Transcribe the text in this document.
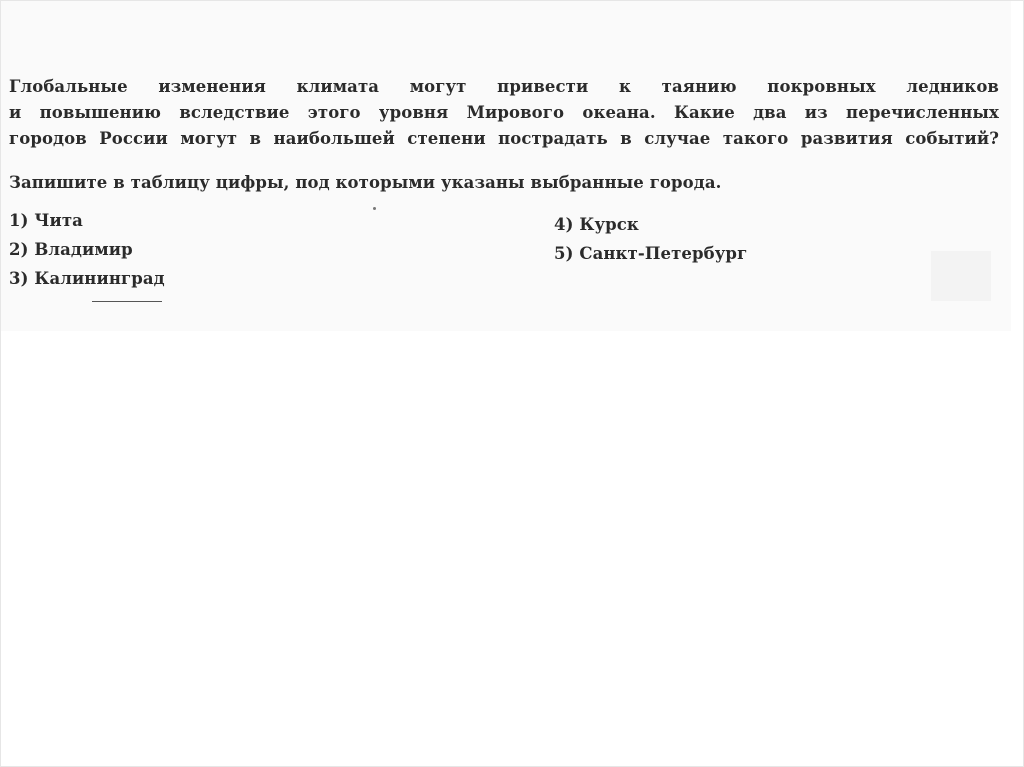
Глобальные изменения климата могут привести к таянию покровных ледников
и повышению вследствие этого уровня Мирового океана. Какие два из перечисленных
городов России могут в наибольшей степени пострадать в случае такого развития событий?
Запишите в таблицу цифры, под которыми указаны выбранные города.
1) Чита
2) Владимир
3) Калининград
4) Курск
5) Санкт-Петербург
